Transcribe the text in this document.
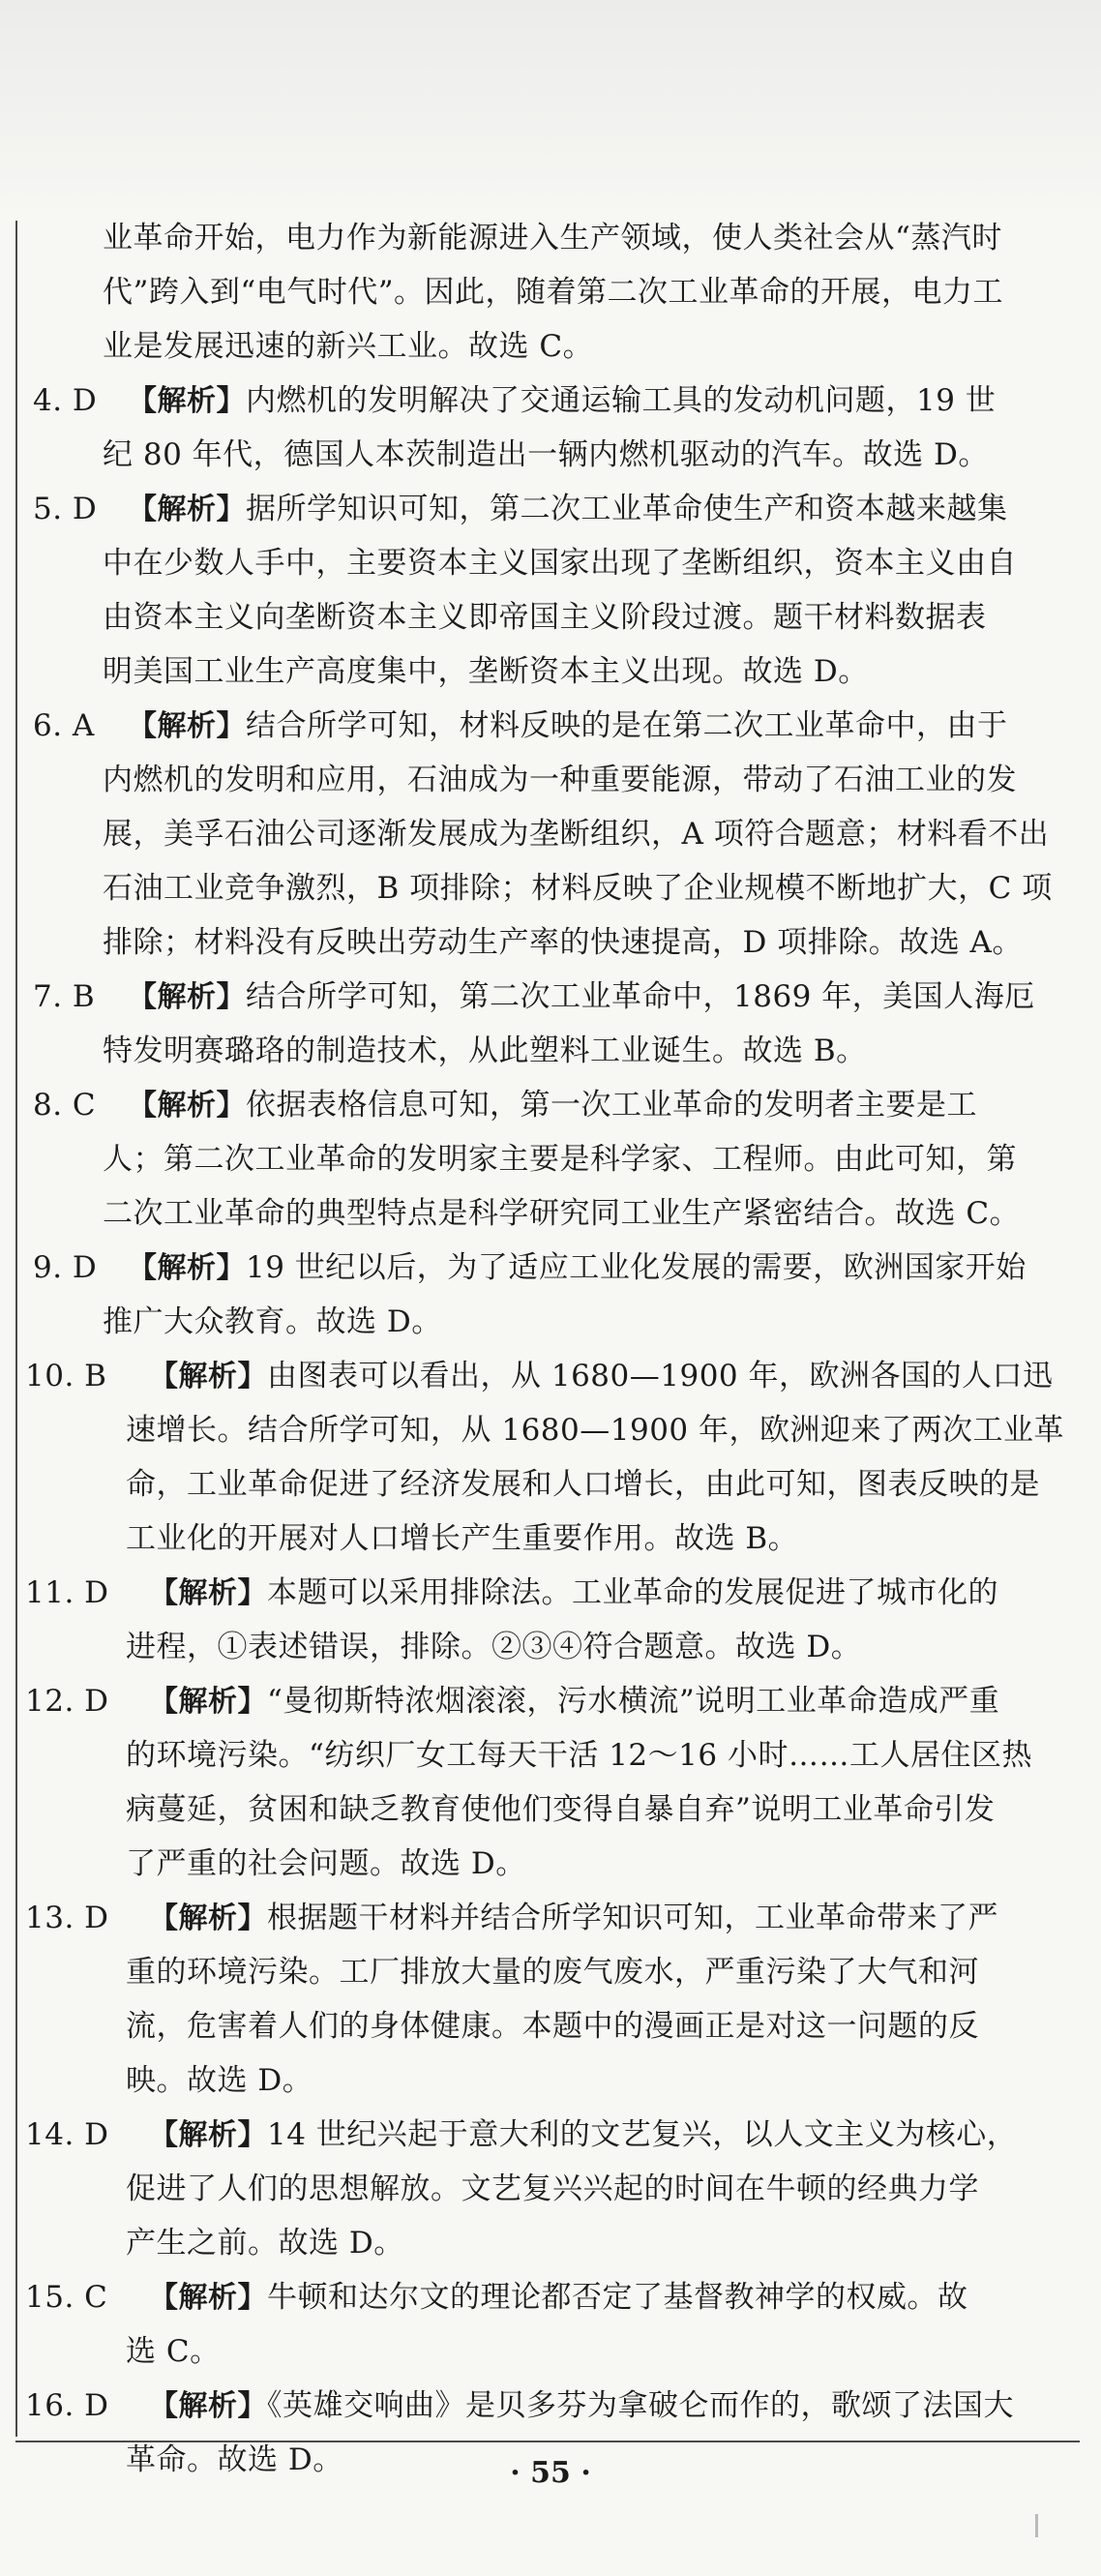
业革命开始，电力作为新能源进入生产领域，使人类社会从“蒸汽时
代”跨入到“电气时代”。因此，随着第二次工业革命的开展，电力工
业是发展迅速的新兴工业。故选 C。
4. D 【解析】内燃机的发明解决了交通运输工具的发动机问题，19 世
纪 80 年代，德国人本茨制造出一辆内燃机驱动的汽车。故选 D。
5. D 【解析】据所学知识可知，第二次工业革命使生产和资本越来越集
中在少数人手中，主要资本主义国家出现了垄断组织，资本主义由自
由资本主义向垄断资本主义即帝国主义阶段过渡。题干材料数据表
明美国工业生产高度集中，垄断资本主义出现。故选 D。
6. A 【解析】结合所学可知，材料反映的是在第二次工业革命中，由于
内燃机的发明和应用，石油成为一种重要能源，带动了石油工业的发
展，美孚石油公司逐渐发展成为垄断组织，A 项符合题意；材料看不出
石油工业竞争激烈，B 项排除；材料反映了企业规模不断地扩大，C 项
排除；材料没有反映出劳动生产率的快速提高，D 项排除。故选 A。
7. B 【解析】结合所学可知，第二次工业革命中，1869 年，美国人海厄
特发明赛璐珞的制造技术，从此塑料工业诞生。故选 B。
8. C 【解析】依据表格信息可知，第一次工业革命的发明者主要是工
人；第二次工业革命的发明家主要是科学家、工程师。由此可知，第
二次工业革命的典型特点是科学研究同工业生产紧密结合。故选 C。
9. D 【解析】19 世纪以后，为了适应工业化发展的需要，欧洲国家开始
推广大众教育。故选 D。
10. B 【解析】由图表可以看出，从 1680—1900 年，欧洲各国的人口迅
速增长。结合所学可知，从 1680—1900 年，欧洲迎来了两次工业革
命，工业革命促进了经济发展和人口增长，由此可知，图表反映的是
工业化的开展对人口增长产生重要作用。故选 B。
11. D 【解析】本题可以采用排除法。工业革命的发展促进了城市化的
进程，①表述错误，排除。②③④符合题意。故选 D。
12. D 【解析】“曼彻斯特浓烟滚滚，污水横流”说明工业革命造成严重
的环境污染。“纺织厂女工每天干活 12～16 小时……工人居住区热
病蔓延，贫困和缺乏教育使他们变得自暴自弃”说明工业革命引发
了严重的社会问题。故选 D。
13. D 【解析】根据题干材料并结合所学知识可知，工业革命带来了严
重的环境污染。工厂排放大量的废气废水，严重污染了大气和河
流，危害着人们的身体健康。本题中的漫画正是对这一问题的反
映。故选 D。
14. D 【解析】14 世纪兴起于意大利的文艺复兴，以人文主义为核心，
促进了人们的思想解放。文艺复兴兴起的时间在牛顿的经典力学
产生之前。故选 D。
15. C 【解析】牛顿和达尔文的理论都否定了基督教神学的权威。故
选 C。
16. D 【解析】《英雄交响曲》是贝多芬为拿破仑而作的，歌颂了法国大
革命。故选 D。	· 55 ·
